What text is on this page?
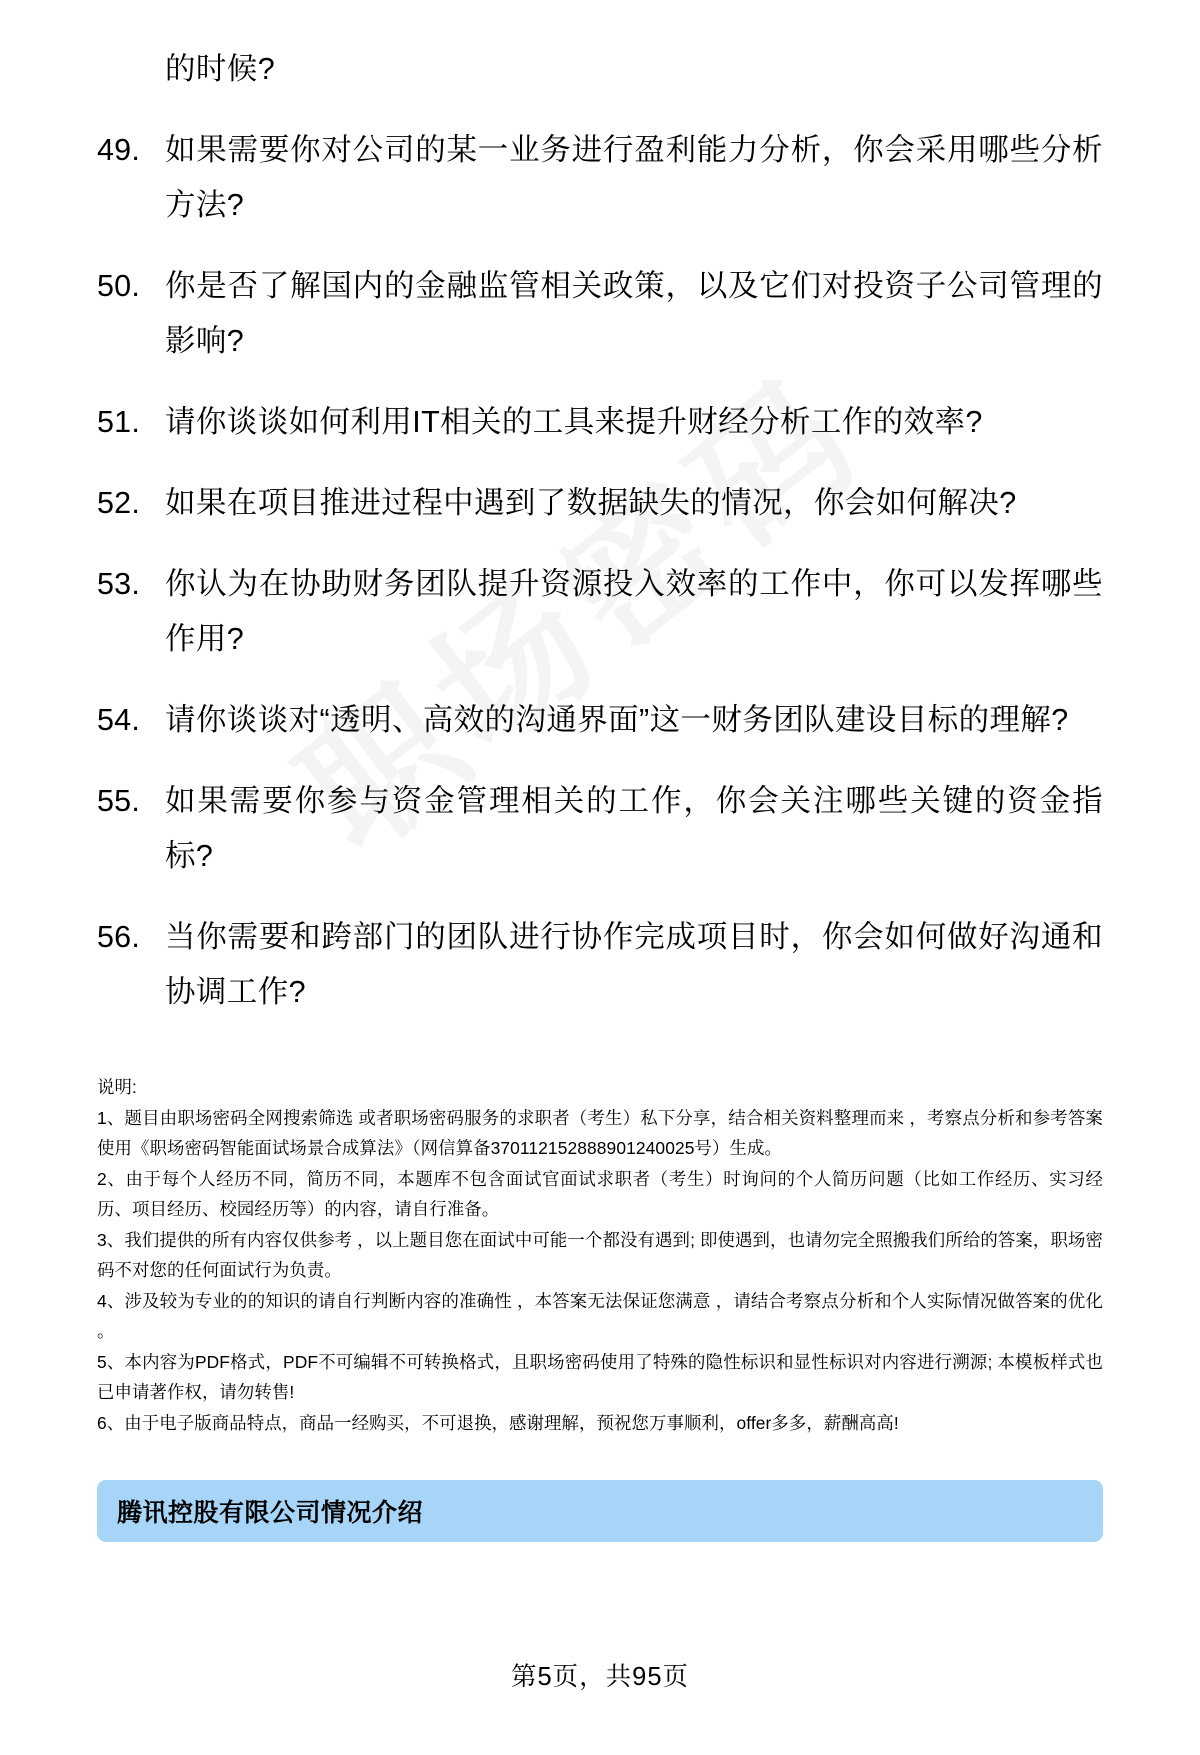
的时候?
49. 如果需要你对公司的某一业务进行盈利能力分析，你会采用哪些分析方法?
50. 你是否了解国内的金融监管相关政策，以及它们对投资子公司管理的影响?
51. 请你谈谈如何利用IT相关的工具来提升财经分析工作的效率?
52. 如果在项目推进过程中遇到了数据缺失的情况，你会如何解决?
53. 你认为在协助财务团队提升资源投入效率的工作中，你可以发挥哪些作用?
54. 请你谈谈对“透明、高效的沟通界面”这一财务团队建设目标的理解?
55. 如果需要你参与资金管理相关的工作，你会关注哪些关键的资金指标?
56. 当你需要和跨部门的团队进行协作完成项目时，你会如何做好沟通和协调工作?
说明:
1、题目由职场密码全网搜索筛选 或者职场密码服务的求职者（考生）私下分享，结合相关资料整理而来 ，考察点分析和参考答案使用《职场密码智能面试场景合成算法》（网信算备370112152888901240025号）生成。
2、由于每个人经历不同，简历不同，本题库不包含面试官面试求职者（考生）时询问的个人简历问题（比如工作经历、实习经历、项目经历、校园经历等）的内容，请自行准备。
3、我们提供的所有内容仅供参考 ，以上题目您在面试中可能一个都没有遇到; 即使遇到，也请勿完全照搬我们所给的答案，职场密码不对您的任何面试行为负责。
4、涉及较为专业的的知识的请自行判断内容的准确性 ，本答案无法保证您满意 ，请结合考察点分析和个人实际情况做答案的优化 。
5、本内容为PDF格式，PDF不可编辑不可转换格式，且职场密码使用了特殊的隐性标识和显性标识对内容进行溯源; 本模板样式也已申请著作权，请勿转售!
6、由于电子版商品特点，商品一经购买，不可退换，感谢理解，预祝您万事顺利，offer多多，薪酬高高!
腾讯控股有限公司情况介绍
第5页，共95页
